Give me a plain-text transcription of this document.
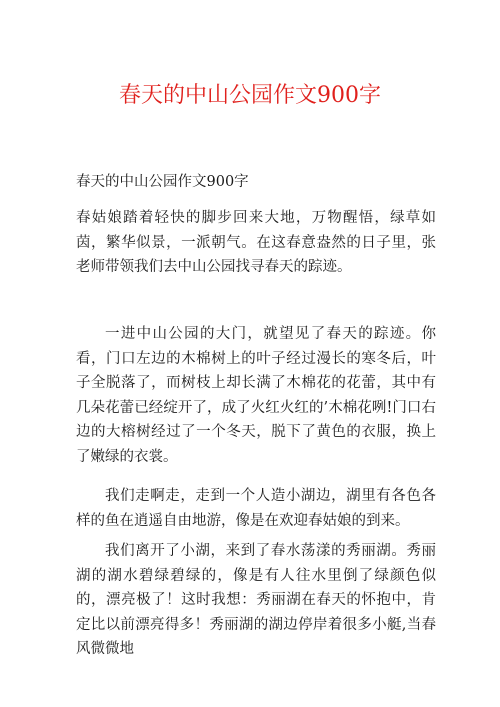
春天的中山公园作文900字
春天的中山公园作文900字

春姑娘踏着轻快的脚步回来大地，万物醒悟，绿草如茵，繁华似景，一派朝气。在这春意盎然的日子里，张老师带领我们去中山公园找寻春天的踪迹。

一进中山公园的大门，就望见了春天的踪迹。你看，门口左边的木棉树上的叶子经过漫长的寒冬后，叶子全脱落了，而树枝上却长满了木棉花的花蕾，其中有几朵花蕾已经绽开了，成了火红火红的’木棉花咧!门口右边的大榕树经过了一个冬天，脱下了黄色的衣服，换上了嫩绿的衣裳。

我们走啊走，走到一个人造小湖边，湖里有各色各样的鱼在逍遥自由地游，像是在欢迎春姑娘的到来。

我们离开了小湖，来到了春水荡漾的秀丽湖。秀丽湖的湖水碧绿碧绿的，像是有人往水里倒了绿颜色似的，漂亮极了！这时我想：秀丽湖在春天的怀抱中，肯定比以前漂亮得多！秀丽湖的湖边停岸着很多小艇,当春风微微地
